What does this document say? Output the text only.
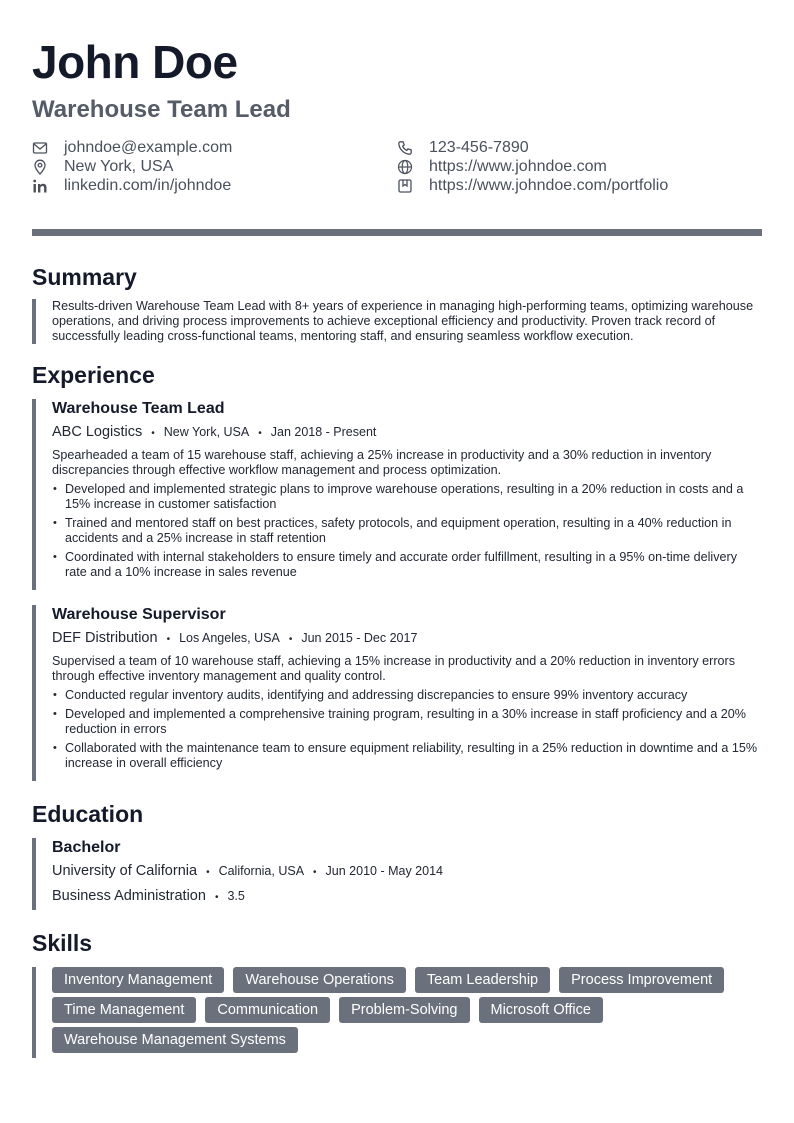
John Doe
Warehouse Team Lead
johndoe@example.com
New York, USA
linkedin.com/in/johndoe
123-456-7890
https://www.johndoe.com
https://www.johndoe.com/portfolio
Summary

Results-driven Warehouse Team Lead with 8+ years of experience in managing high-performing teams, optimizing warehouse operations, and driving process improvements to achieve exceptional efficiency and productivity. Proven track record of successfully leading cross-functional teams, mentoring staff, and ensuring seamless workflow execution.

Experience
Warehouse Team Lead
ABC Logistics • New York, USA • Jan 2018 - Present

Spearheaded a team of 15 warehouse staff, achieving a 25% increase in productivity and a 30% reduction in inventory discrepancies through effective workflow management and process optimization.

• Developed and implemented strategic plans to improve warehouse operations, resulting in a 20% reduction in costs and a 15% increase in customer satisfaction
• Trained and mentored staff on best practices, safety protocols, and equipment operation, resulting in a 40% reduction in accidents and a 25% increase in staff retention
• Coordinated with internal stakeholders to ensure timely and accurate order fulfillment, resulting in a 95% on-time delivery rate and a 10% increase in sales revenue
Warehouse Supervisor
DEF Distribution • Los Angeles, USA • Jun 2015 - Dec 2017

Supervised a team of 10 warehouse staff, achieving a 15% increase in productivity and a 20% reduction in inventory errors through effective inventory management and quality control.

• Conducted regular inventory audits, identifying and addressing discrepancies to ensure 99% inventory accuracy
• Developed and implemented a comprehensive training program, resulting in a 30% increase in staff proficiency and a 20% reduction in errors
• Collaborated with the maintenance team to ensure equipment reliability, resulting in a 25% reduction in downtime and a 15% increase in overall efficiency
Education
Bachelor
University of California • California, USA • Jun 2010 - May 2014
Business Administration • 3.5
Skills
Inventory Management	Warehouse Operations	Team Leadership	Process Improvement
Time Management	Communication	Problem-Solving	Microsoft Office
Warehouse Management Systems
